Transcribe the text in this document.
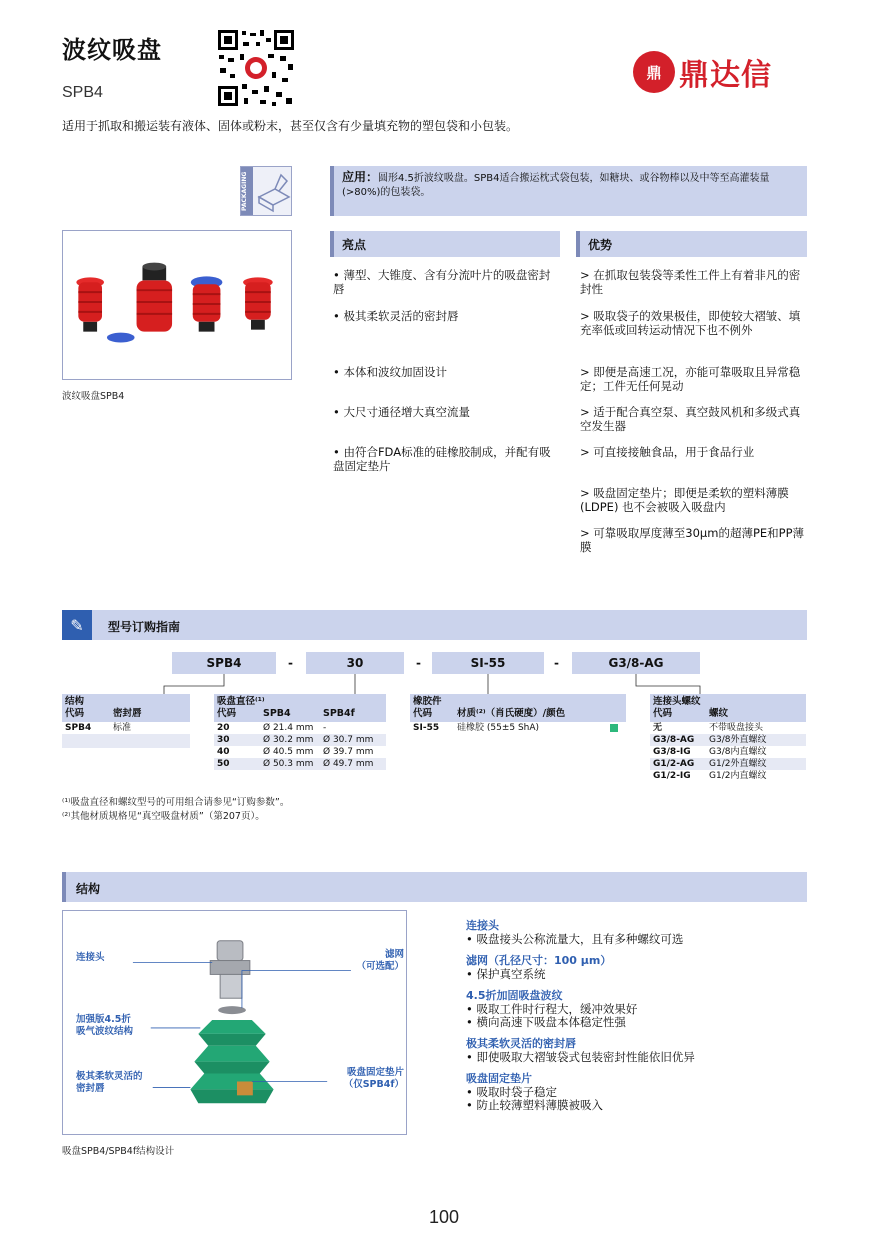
波纹吸盘
SPB4
鼎 鼎达信
适用于抓取和搬运装有液体、固体或粉末，甚至仅含有少量填充物的塑包袋和小包装。
PACKAGING	应用：圆形4.5折波纹吸盘。SPB4适合搬运枕式袋包装，如糖块、或谷物棒以及中等至高灌装量(>80%)的包装袋。
波纹吸盘SPB4
亮点	优势
• 薄型、大锥度、含有分流叶片的吸盘密封唇
• 极其柔软灵活的密封唇
• 本体和波纹加固设计
• 大尺寸通径增大真空流量
• 由符合FDA标准的硅橡胶制成，并配有吸盘固定垫片
> 在抓取包装袋等柔性工件上有着非凡的密封性
> 吸取袋子的效果极佳，即使较大褶皱、填充率低或回转运动情况下也不例外
> 即便是高速工况，亦能可靠吸取且异常稳定；工件无任何晃动
> 适于配合真空泵、真空鼓风机和多级式真空发生器
> 可直接接触食品，用于食品行业
> 吸盘固定垫片；即便是柔软的塑料薄膜 (LDPE) 也不会被吸入吸盘内
> 可靠吸取厚度薄至30μm的超薄PE和PP薄膜
✎	型号订购指南
SPB4	-	30	-	SI-55	-	G3/8-AG
结构
代码	密封唇
SPB4	标准
吸盘直径⁽¹⁾
代码	SPB4	SPB4f
20	Ø 21.4 mm	-
30	Ø 30.2 mm	Ø 30.7 mm
40	Ø 40.5 mm	Ø 39.7 mm
50	Ø 50.3 mm	Ø 49.7 mm
橡胶件
代码	材质⁽²⁾（肖氏硬度）/颜色
SI-55	硅橡胶 (55±5 ShA)
连接头螺纹
代码	螺纹
无	不带吸盘接头
G3/8-AG	G3/8外直螺纹
G3/8-IG	G3/8内直螺纹
G1/2-AG	G1/2外直螺纹
G1/2-IG	G1/2内直螺纹
⁽¹⁾吸盘直径和螺纹型号的可用组合请参见“订购参数”。
⁽²⁾其他材质规格见“真空吸盘材质”（第207页）。
结构
连接头
加强版4.5折
吸气波纹结构
极其柔软灵活的
密封唇
滤网
（可选配）
吸盘固定垫片
（仅SPB4f）
吸盘SPB4/SPB4f结构设计
连接头
• 吸盘接头公称流量大，且有多种螺纹可选
滤网（孔径尺寸：100 μm）
• 保护真空系统
4.5折加固吸盘波纹
• 吸取工件时行程大，缓冲效果好
• 横向高速下吸盘本体稳定性强
极其柔软灵活的密封唇
• 即使吸取大褶皱袋式包装密封性能依旧优异
吸盘固定垫片
• 吸取时袋子稳定
• 防止较薄塑料薄膜被吸入
100
